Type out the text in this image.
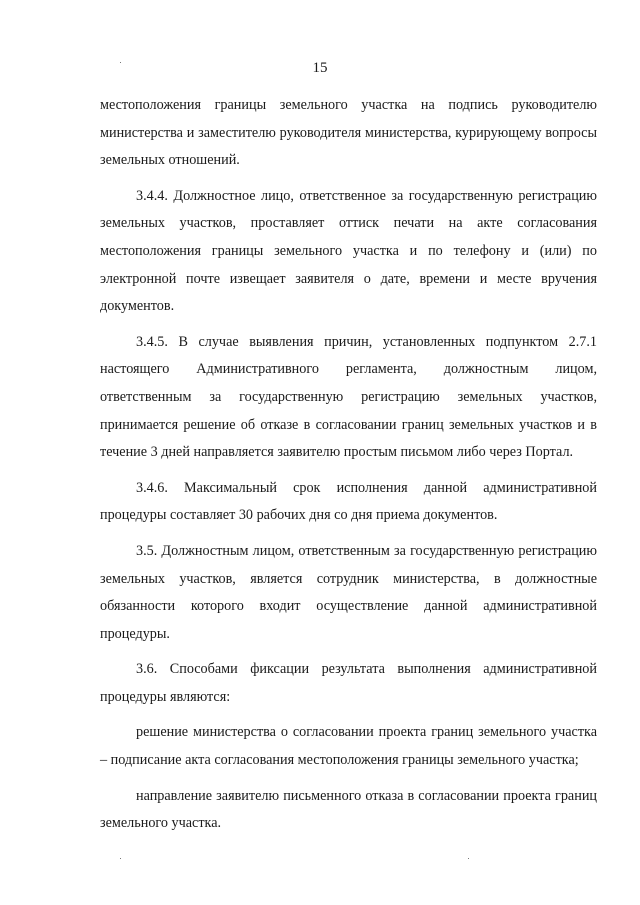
15

местоположения границы земельного участка на подпись руководителю министерства и заместителю руководителя министерства, курирующему вопросы земельных отношений.

3.4.4. Должностное лицо, ответственное за государственную регистрацию земельных участков, проставляет оттиск печати на акте согласования местоположения границы земельного участка и по телефону и (или) по электронной почте извещает заявителя о дате, времени и месте вручения документов.

3.4.5. В случае выявления причин, установленных подпунктом 2.7.1 настоящего Административного регламента, должностным лицом, ответственным за государственную регистрацию земельных участков, принимается решение об отказе в согласовании границ земельных участков и в течение 3 дней направляется заявителю простым письмом либо через Портал.

3.4.6. Максимальный срок исполнения данной административной процедуры составляет 30 рабочих дня со дня приема документов.

3.5. Должностным лицом, ответственным за государственную регистрацию земельных участков, является сотрудник министерства, в должностные обязанности которого входит осуществление данной административной процедуры.

3.6. Способами фиксации результата выполнения административной процедуры являются:

решение министерства о согласовании проекта границ земельного участка – подписание акта согласования местоположения границы земельного участка;

направление заявителю письменного отказа в согласовании проекта границ земельного участка.
